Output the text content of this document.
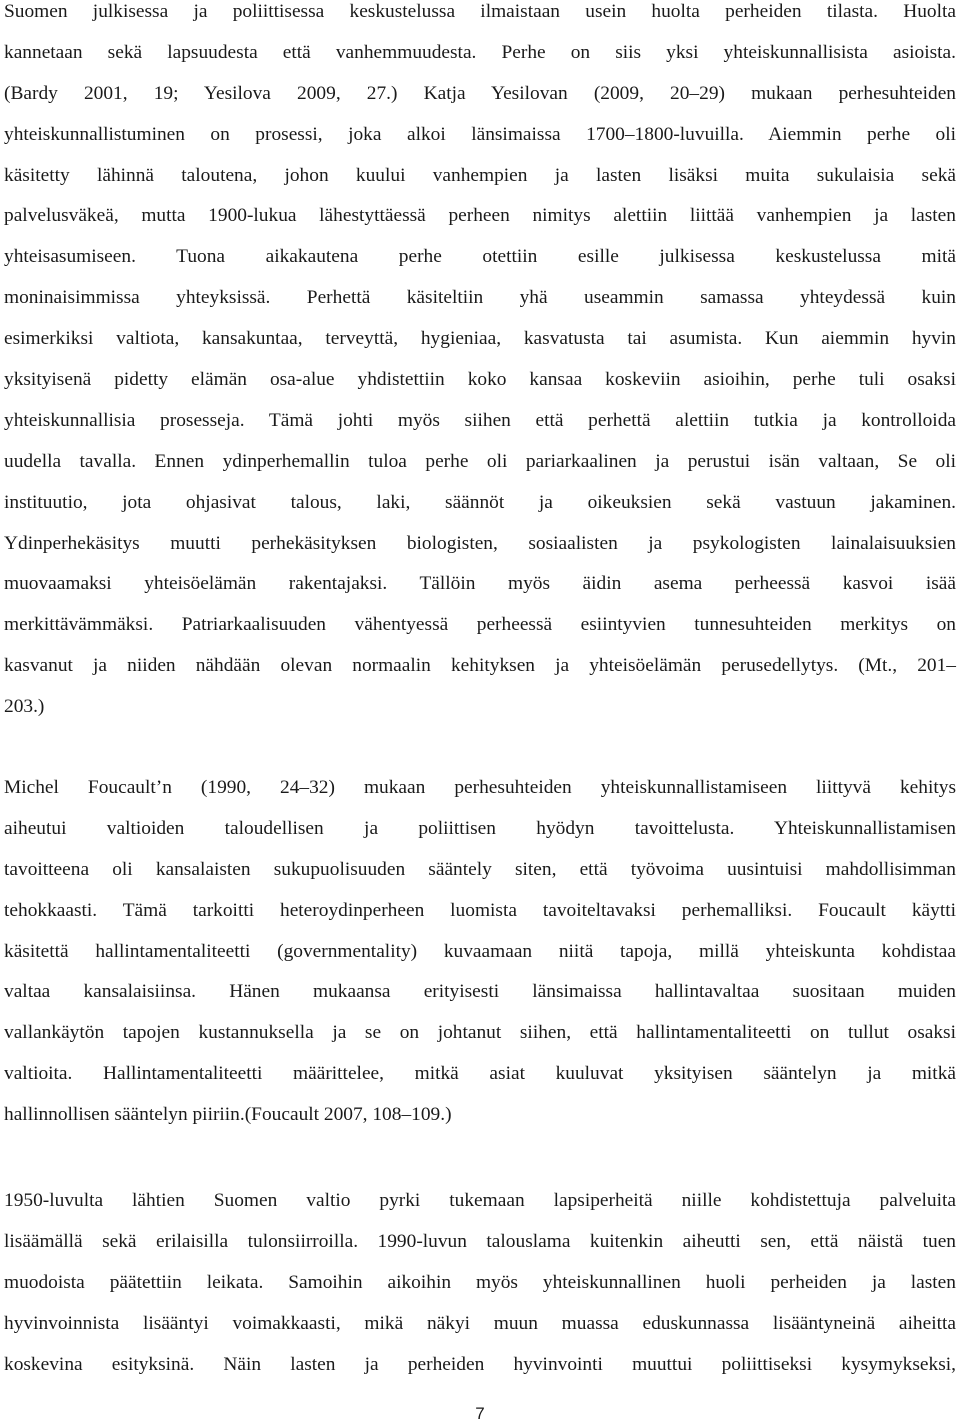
Suomen julkisessa ja poliittisessa keskustelussa ilmaistaan usein huolta perheiden tilasta. Huolta
kannetaan sekä lapsuudesta että vanhemmuudesta. Perhe on siis yksi yhteiskunnallisista asioista.
(Bardy 2001, 19; Yesilova 2009, 27.) Katja Yesilovan (2009, 20–29) mukaan perhesuhteiden
yhteiskunnallistuminen on prosessi, joka alkoi länsimaissa 1700–1800-luvuilla. Aiemmin perhe oli
käsitetty lähinnä taloutena, johon kuului vanhempien ja lasten lisäksi muita sukulaisia sekä
palvelusväkeä, mutta 1900-lukua lähestyttäessä perheen nimitys alettiin liittää vanhempien ja lasten
yhteisasumiseen. Tuona aikakautena perhe otettiin esille julkisessa keskustelussa mitä
moninaisimmissa yhteyksissä. Perhettä käsiteltiin yhä useammin samassa yhteydessä kuin
esimerkiksi valtiota, kansakuntaa, terveyttä, hygieniaa, kasvatusta tai asumista. Kun aiemmin hyvin
yksityisenä pidetty elämän osa-alue yhdistettiin koko kansaa koskeviin asioihin, perhe tuli osaksi
yhteiskunnallisia prosesseja. Tämä johti myös siihen että perhettä alettiin tutkia ja kontrolloida
uudella tavalla. Ennen ydinperhemallin tuloa perhe oli pariarkaalinen ja perustui isän valtaan, Se oli
instituutio, jota ohjasivat talous, laki, säännöt ja oikeuksien sekä vastuun jakaminen.
Ydinperhekäsitys muutti perhekäsityksen biologisten, sosiaalisten ja psykologisten lainalaisuuksien
muovaamaksi yhteisöelämän rakentajaksi. Tällöin myös äidin asema perheessä kasvoi isää
merkittävämmäksi. Patriarkaalisuuden vähentyessä perheessä esiintyvien tunnesuhteiden merkitys on
kasvanut ja niiden nähdään olevan normaalin kehityksen ja yhteisöelämän perusedellytys. (Mt., 201–
203.)
Michel Foucault’n (1990, 24–32) mukaan perhesuhteiden yhteiskunnallistamiseen liittyvä kehitys
aiheutui valtioiden taloudellisen ja poliittisen hyödyn tavoittelusta. Yhteiskunnallistamisen
tavoitteena oli kansalaisten sukupuolisuuden sääntely siten, että työvoima uusintuisi mahdollisimman
tehokkaasti. Tämä tarkoitti heteroydinperheen luomista tavoiteltavaksi perhemalliksi. Foucault käytti
käsitettä hallintamentaliteetti (governmentality) kuvaamaan niitä tapoja, millä yhteiskunta kohdistaa
valtaa kansalaisiinsa. Hänen mukaansa erityisesti länsimaissa hallintavaltaa suositaan muiden
vallankäytön tapojen kustannuksella ja se on johtanut siihen, että hallintamentaliteetti on tullut osaksi
valtioita. Hallintamentaliteetti määrittelee, mitkä asiat kuuluvat yksityisen sääntelyn ja mitkä
hallinnollisen sääntelyn piiriin.(Foucault 2007, 108–109.)
1950-luvulta lähtien Suomen valtio pyrki tukemaan lapsiperheitä niille kohdistettuja palveluita
lisäämällä sekä erilaisilla tulonsiirroilla. 1990-luvun talouslama kuitenkin aiheutti sen, että näistä tuen
muodoista päätettiin leikata. Samoihin aikoihin myös yhteiskunnallinen huoli perheiden ja lasten
hyvinvoinnista lisääntyi voimakkaasti, mikä näkyi muun muassa eduskunnassa lisääntyneinä aiheitta
koskevina esityksinä. Näin lasten ja perheiden hyvinvointi muuttui poliittiseksi kysymykseksi,
7
